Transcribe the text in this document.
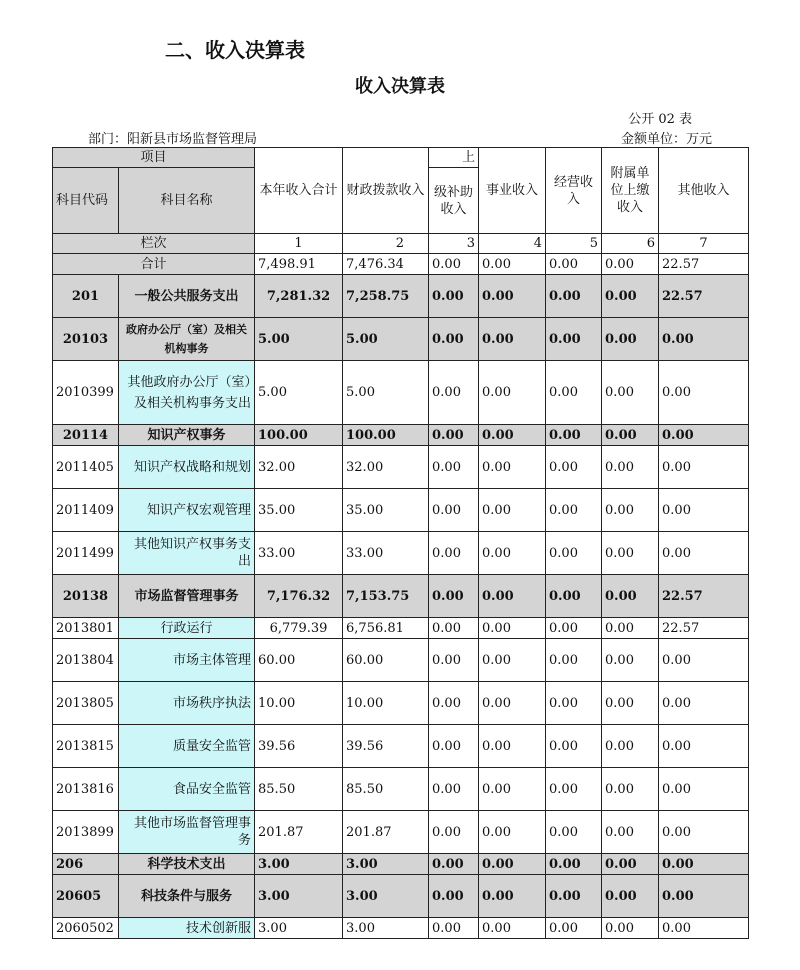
二、收入决算表
收入决算表
公开 02 表
部门：阳新县市场监督管理局	金额单位：万元
项目		本年收入合计	财政拨款收入	上	事业收入	经营收入	附属单位上缴收入	其他收入
科目代码	科目名称			级补助收入				

栏次		1	2	3	4	5	6	7
合计		7,498.91	7,476.34	0.00	0.00	0.00	0.00	22.57
201	一般公共服务支出	7,281.32	7,258.75	0.00	0.00	0.00	0.00	22.57
20103	政府办公厅（室）及相关机构事务	5.00	5.00	0.00	0.00	0.00	0.00	0.00
2010399	其他政府办公厅（室）及相关机构事务支出	5.00	5.00	0.00	0.00	0.00	0.00	0.00
20114	知识产权事务	100.00	100.00	0.00	0.00	0.00	0.00	0.00
2011405	知识产权战略和规划	32.00	32.00	0.00	0.00	0.00	0.00	0.00
2011409	知识产权宏观管理	35.00	35.00	0.00	0.00	0.00	0.00	0.00
2011499	其他知识产权事务支出	33.00	33.00	0.00	0.00	0.00	0.00	0.00
20138	市场监督管理事务	7,176.32	7,153.75	0.00	0.00	0.00	0.00	22.57
2013801	行政运行	6,779.39	6,756.81	0.00	0.00	0.00	0.00	22.57
2013804	市场主体管理	60.00	60.00	0.00	0.00	0.00	0.00	0.00
2013805	市场秩序执法	10.00	10.00	0.00	0.00	0.00	0.00	0.00
2013815	质量安全监管	39.56	39.56	0.00	0.00	0.00	0.00	0.00
2013816	食品安全监管	85.50	85.50	0.00	0.00	0.00	0.00	0.00
2013899	其他市场监督管理事务	201.87	201.87	0.00	0.00	0.00	0.00	0.00
206	科学技术支出	3.00	3.00	0.00	0.00	0.00	0.00	0.00
20605	科技条件与服务	3.00	3.00	0.00	0.00	0.00	0.00	0.00
2060502	技术创新服	3.00	3.00	0.00	0.00	0.00	0.00	0.00
